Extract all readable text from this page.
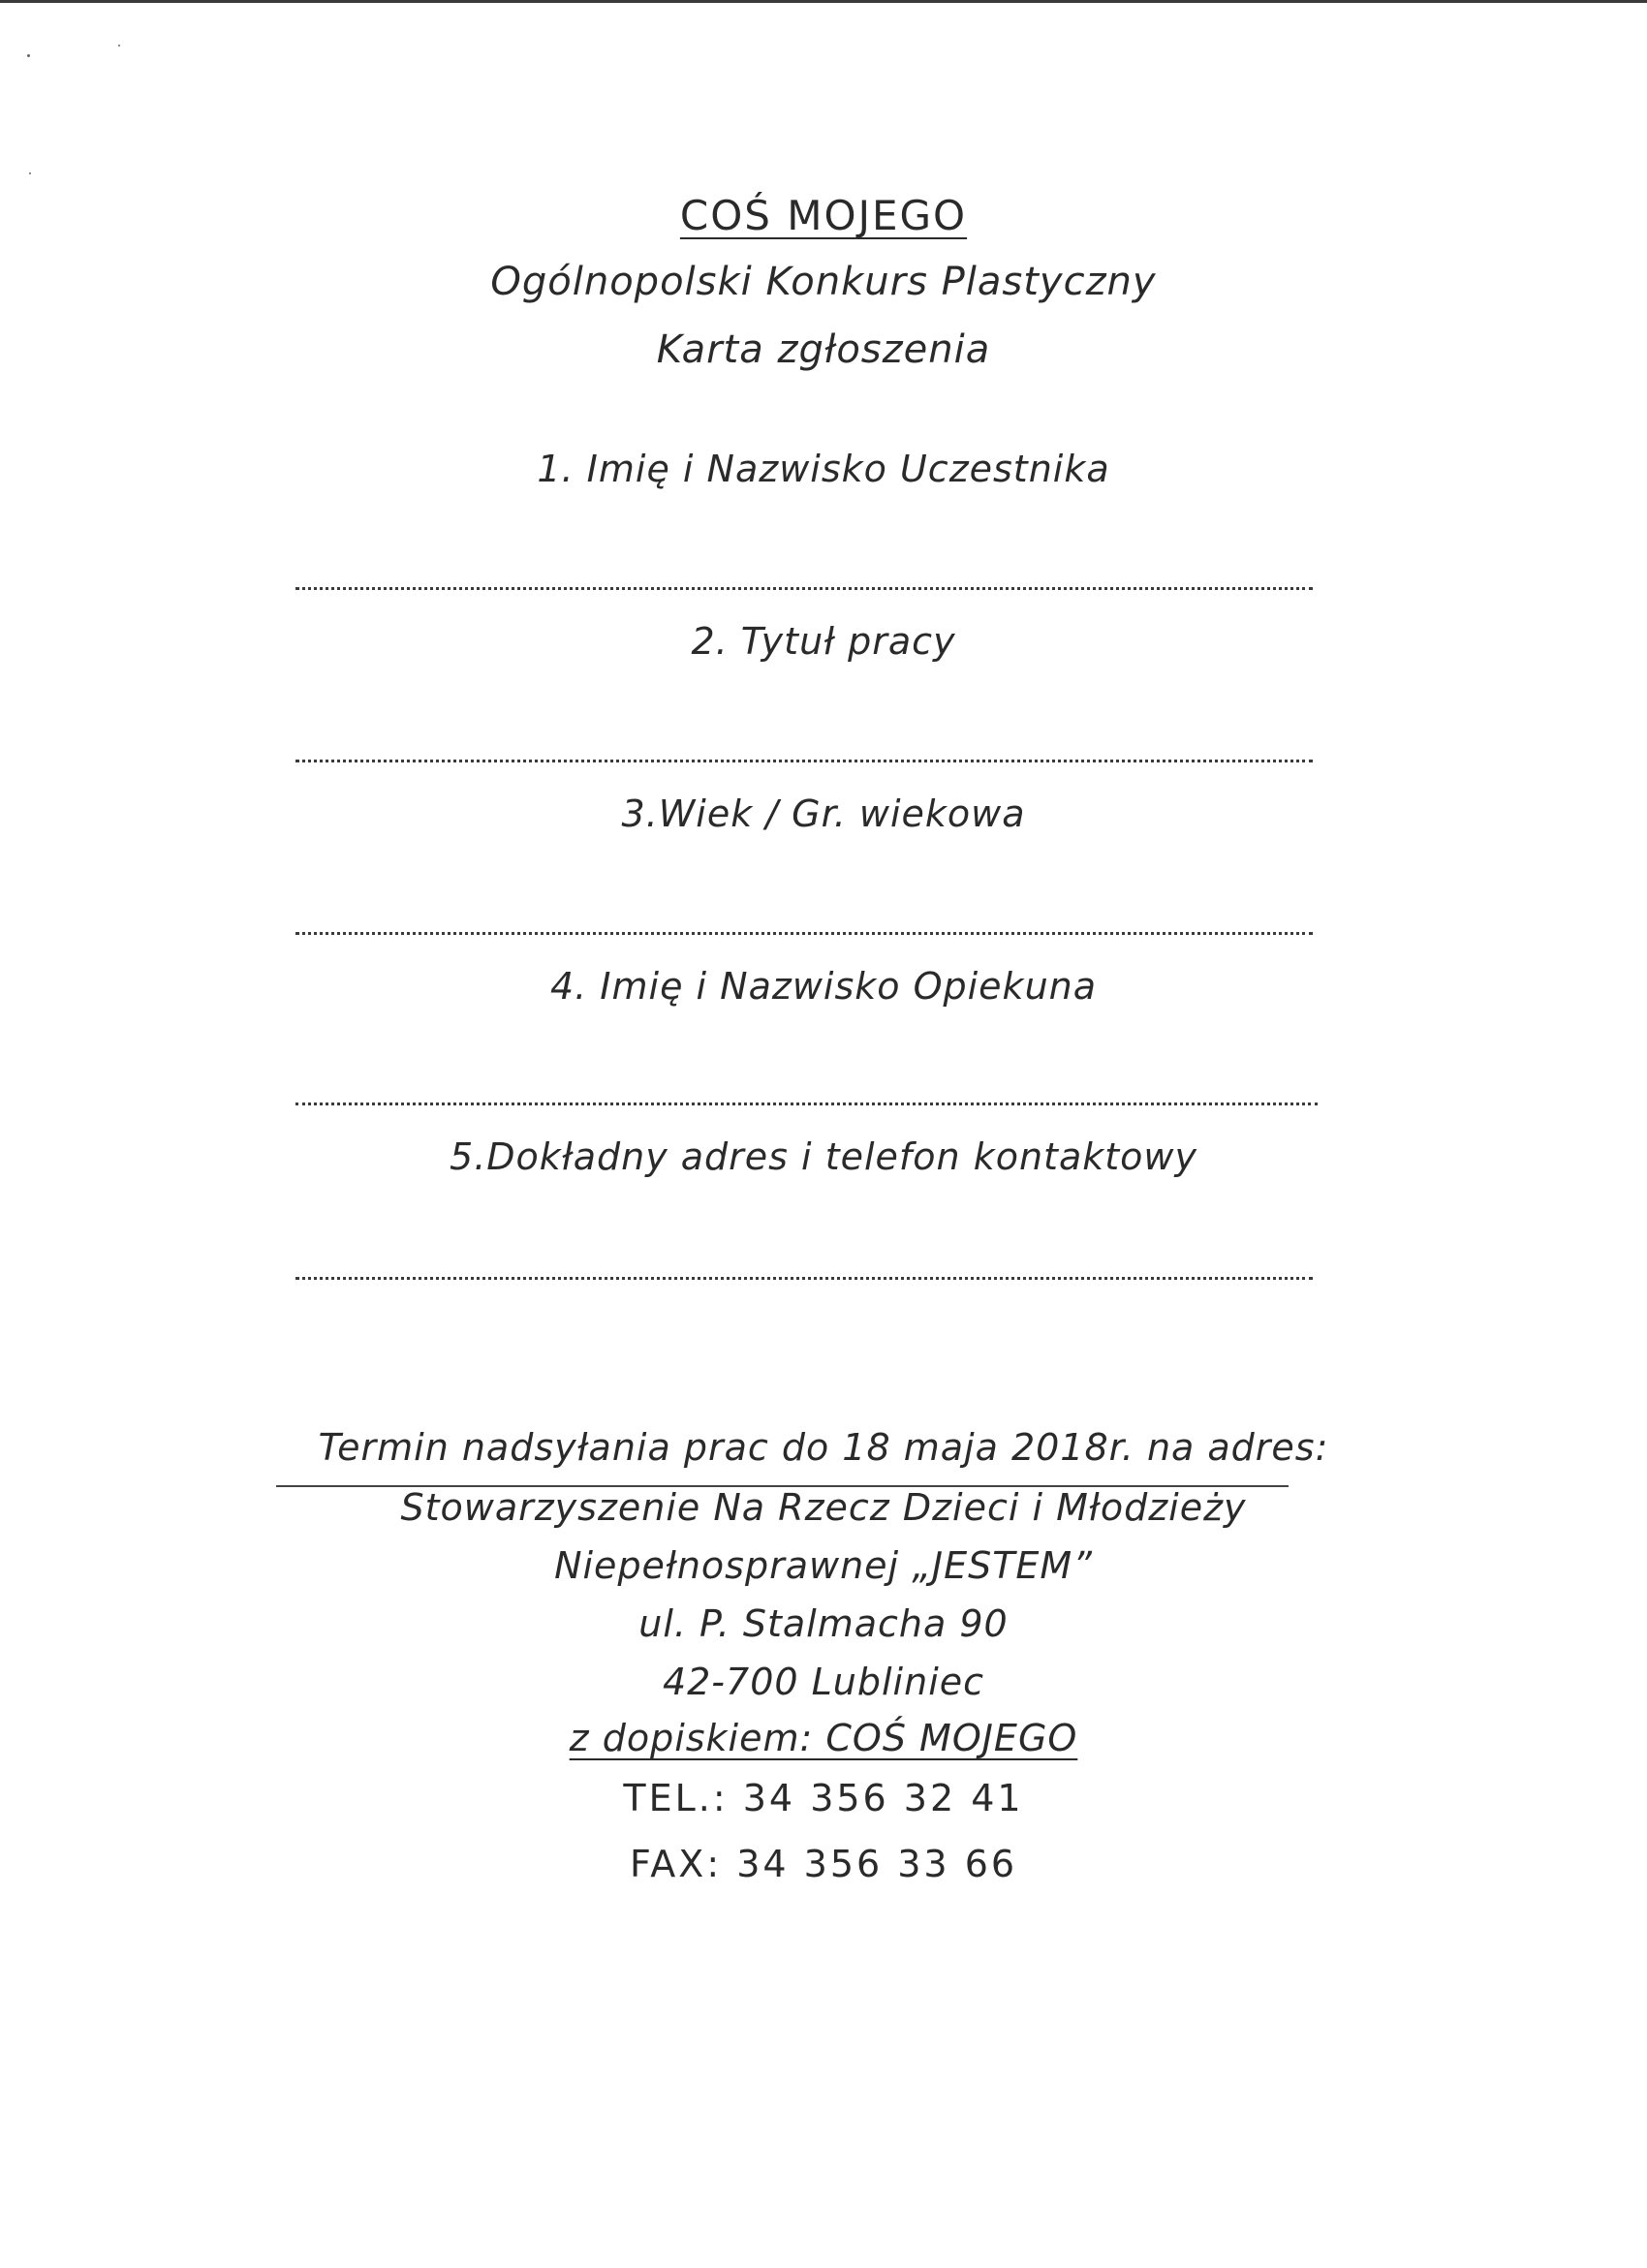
COŚ MOJEGO
Ogólnopolski Konkurs Plastyczny
Karta zgłoszenia
1. Imię i Nazwisko Uczestnika
2. Tytuł pracy
3.Wiek / Gr. wiekowa
4. Imię i Nazwisko Opiekuna
5.Dokładny adres i telefon kontaktowy
Termin nadsyłania prac do 18 maja 2018r. na adres:
Stowarzyszenie Na Rzecz Dzieci i Młodzieży
Niepełnosprawnej „JESTEM”
ul. P. Stalmacha 90
42-700 Lubliniec
z dopiskiem: COŚ MOJEGO
TEL.: 34 356 32 41
FAX: 34 356 33 66
